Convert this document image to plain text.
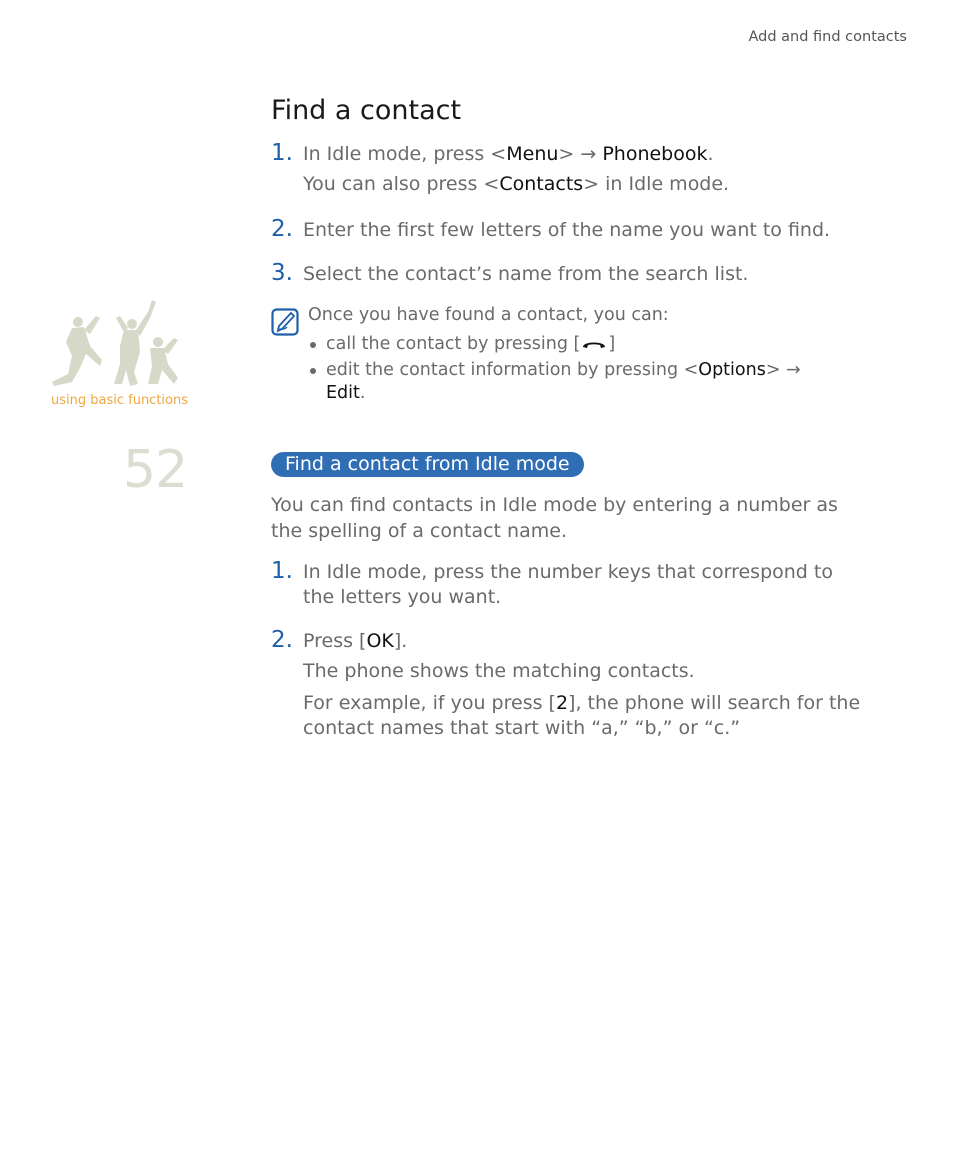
Add and find contacts
using basic functions
52
Find a contact
1. In Idle mode, press <Menu> → Phonebook.
You can also press <Contacts> in Idle mode.
2. Enter the first few letters of the name you want to find.
3. Select the contact’s name from the search list.
Once you have found a contact, you can:
call the contact by pressing [ ]
edit the contact information by pressing <Options> → Edit.
Find a contact from Idle mode
You can find contacts in Idle mode by entering a number as the spelling of a contact name.
1. In Idle mode, press the number keys that correspond to the letters you want.
2. Press [OK].
The phone shows the matching contacts.
For example, if you press [2], the phone will search for the contact names that start with “a,” “b,” or “c.”
